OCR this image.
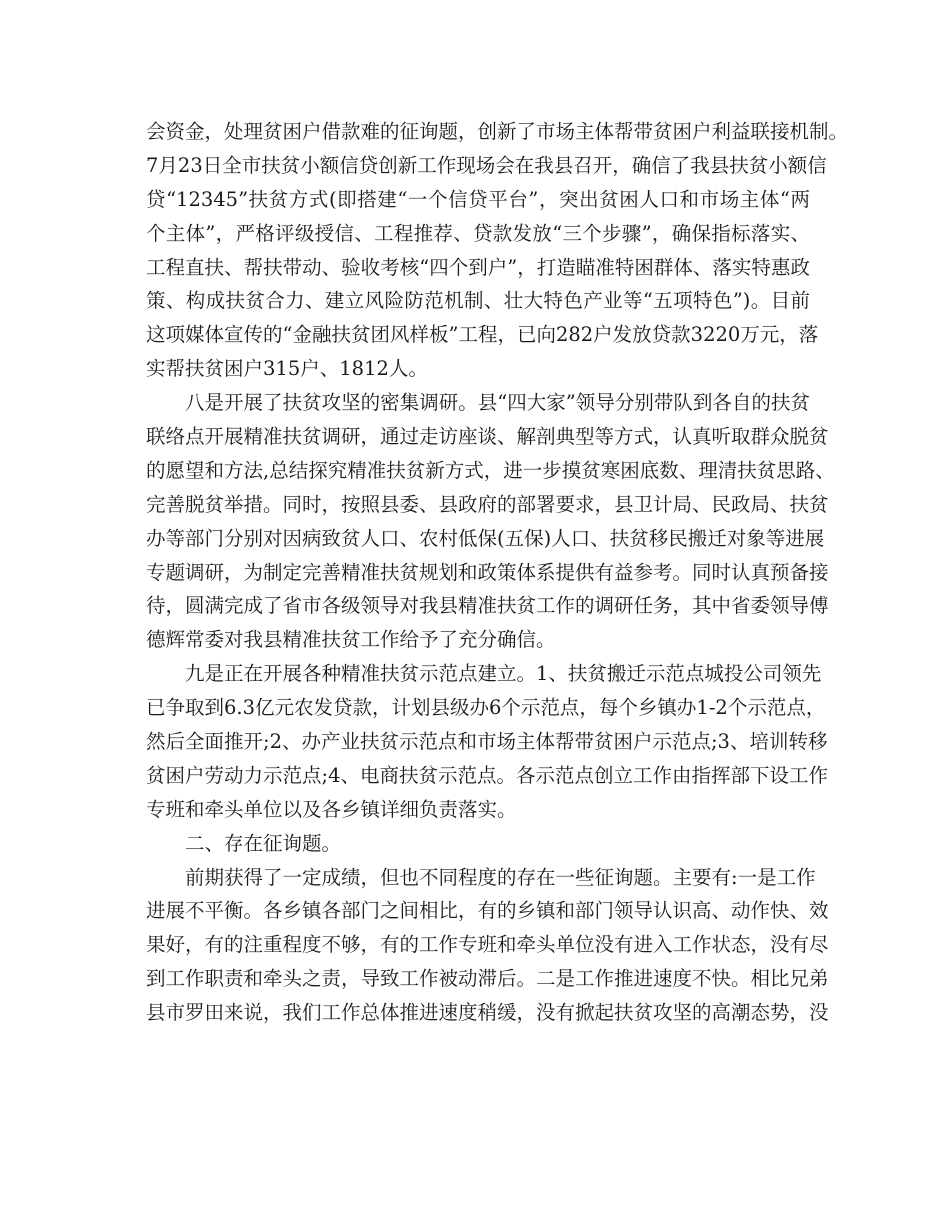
会资金，处理贫困户借款难的征询题，创新了市场主体帮带贫困户利益联接机制。
7月23日全市扶贫小额信贷创新工作现场会在我县召开，确信了我县扶贫小额信
贷“12345”扶贫方式(即搭建“一个信贷平台”，突出贫困人口和市场主体“两
个主体”，严格评级授信、工程推荐、贷款发放“三个步骤”，确保指标落实、
工程直扶、帮扶带动、验收考核“四个到户”，打造瞄准特困群体、落实特惠政
策、构成扶贫合力、建立风险防范机制、壮大特色产业等“五项特色”)。目前
这项媒体宣传的“金融扶贫团风样板”工程，已向282户发放贷款3220万元，落
实帮扶贫困户315户、1812人。
八是开展了扶贫攻坚的密集调研。县“四大家”领导分别带队到各自的扶贫
联络点开展精准扶贫调研，通过走访座谈、解剖典型等方式，认真听取群众脱贫
的愿望和方法,总结探究精准扶贫新方式，进一步摸贫寒困底数、理清扶贫思路、
完善脱贫举措。同时，按照县委、县政府的部署要求，县卫计局、民政局、扶贫
办等部门分别对因病致贫人口、农村低保(五保)人口、扶贫移民搬迁对象等进展
专题调研，为制定完善精准扶贫规划和政策体系提供有益参考。同时认真预备接
待，圆满完成了省市各级领导对我县精准扶贫工作的调研任务，其中省委领导傅
德辉常委对我县精准扶贫工作给予了充分确信。
九是正在开展各种精准扶贫示范点建立。1、扶贫搬迁示范点城投公司领先
已争取到6.3亿元农发贷款，计划县级办6个示范点，每个乡镇办1-2个示范点，
然后全面推开;2、办产业扶贫示范点和市场主体帮带贫困户示范点;3、培训转移
贫困户劳动力示范点;4、电商扶贫示范点。各示范点创立工作由指挥部下设工作
专班和牵头单位以及各乡镇详细负责落实。
二、存在征询题。
前期获得了一定成绩，但也不同程度的存在一些征询题。主要有:一是工作
进展不平衡。各乡镇各部门之间相比，有的乡镇和部门领导认识高、动作快、效
果好，有的注重程度不够，有的工作专班和牵头单位没有进入工作状态，没有尽
到工作职责和牵头之责，导致工作被动滞后。二是工作推进速度不快。相比兄弟
县市罗田来说，我们工作总体推进速度稍缓，没有掀起扶贫攻坚的高潮态势，没
